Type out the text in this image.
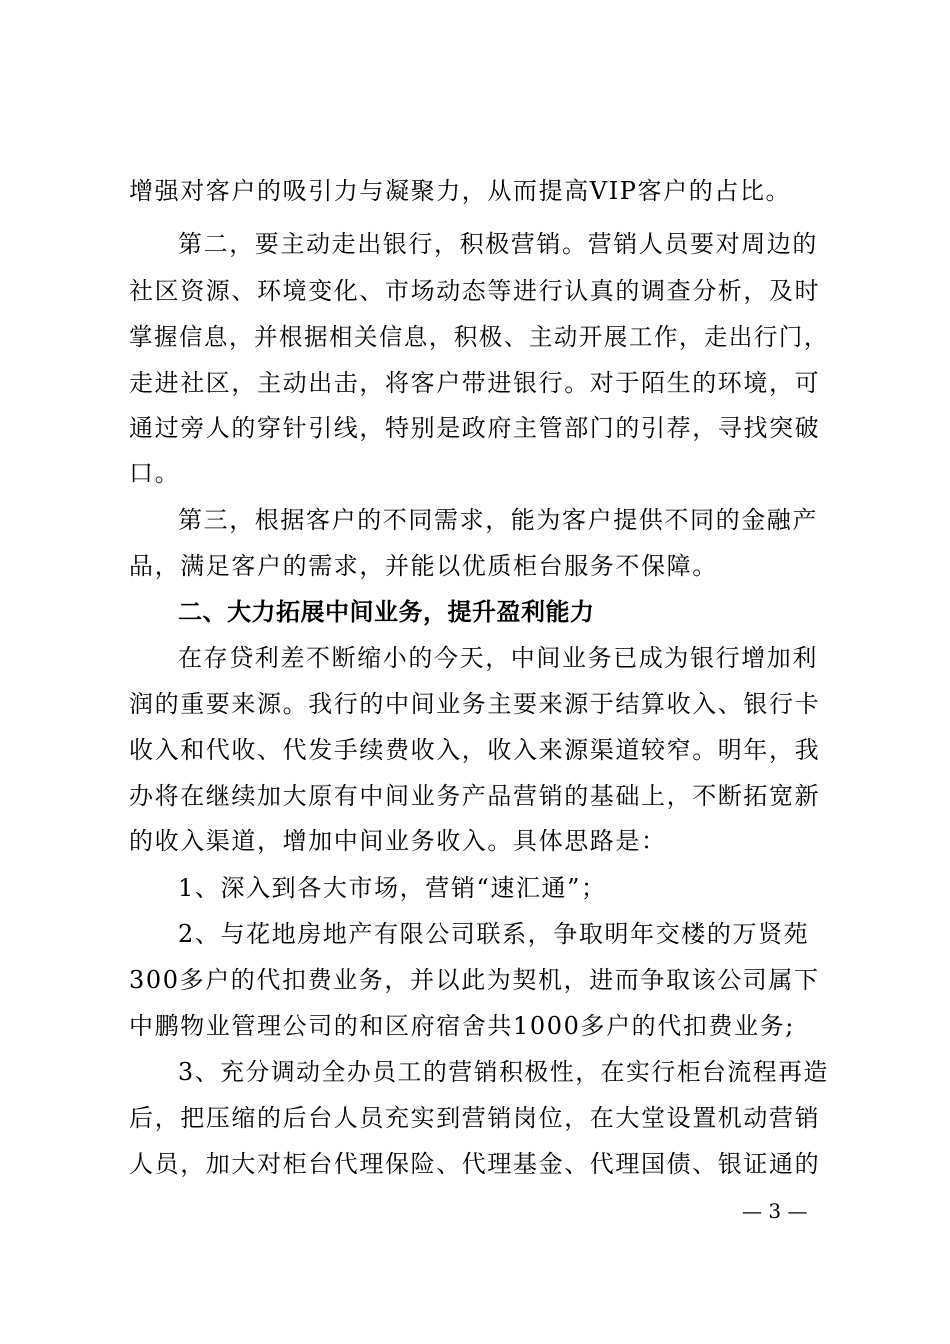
增强对客户的吸引力与凝聚力，从而提高VIP客户的占比。
第二，要主动走出银行，积极营销。营销人员要对周边的
社区资源、环境变化、市场动态等进行认真的调查分析，及时
掌握信息，并根据相关信息，积极、主动开展工作，走出行门，
走进社区，主动出击，将客户带进银行。对于陌生的环境，可
通过旁人的穿针引线，特别是政府主管部门的引荐，寻找突破
口。
第三，根据客户的不同需求，能为客户提供不同的金融产
品，满足客户的需求，并能以优质柜台服务不保障。
二、大力拓展中间业务，提升盈利能力
在存贷利差不断缩小的今天，中间业务已成为银行增加利
润的重要来源。我行的中间业务主要来源于结算收入、银行卡
收入和代收、代发手续费收入，收入来源渠道较窄。明年，我
办将在继续加大原有中间业务产品营销的基础上，不断拓宽新
的收入渠道，增加中间业务收入。具体思路是：
1、深入到各大市场，营销“速汇通”；
2、与花地房地产有限公司联系，争取明年交楼的万贤苑
300多户的代扣费业务，并以此为契机，进而争取该公司属下
中鹏物业管理公司的和区府宿舍共1000多户的代扣费业务;
3、充分调动全办员工的营销积极性，在实行柜台流程再造
后，把压缩的后台人员充实到营销岗位，在大堂设置机动营销
人员，加大对柜台代理保险、代理基金、代理国债、银证通的
— 3 —
